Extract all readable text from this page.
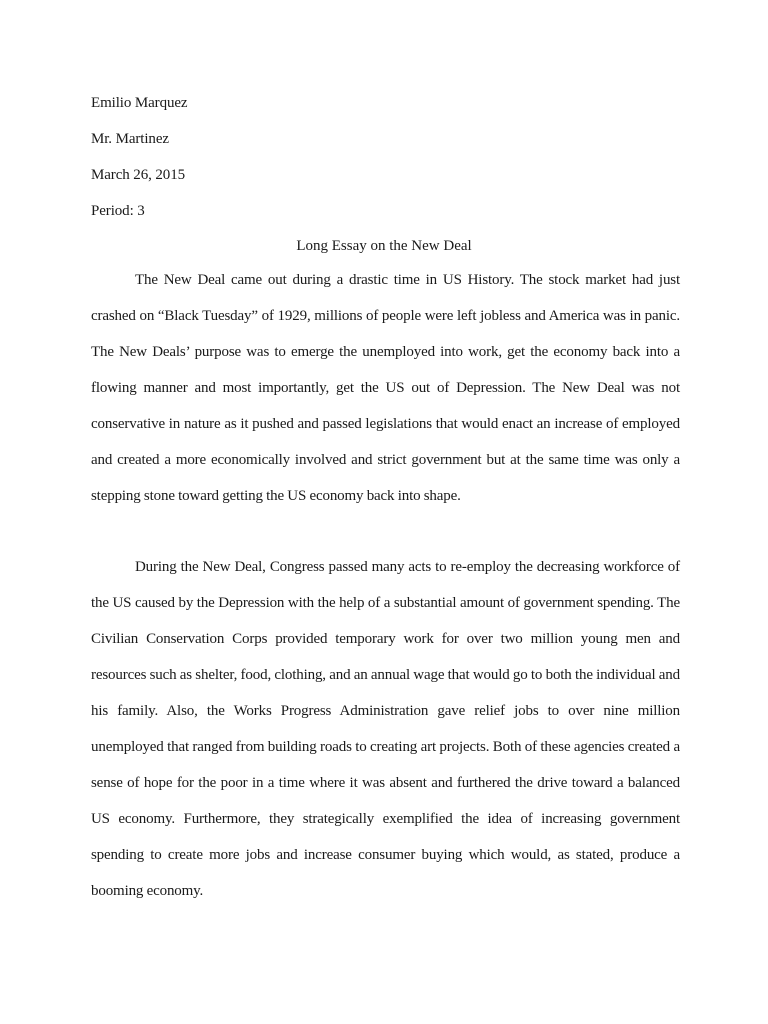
Emilio Marquez
Mr. Martinez
March 26, 2015
Period: 3
Long Essay on the New Deal

The New Deal came out during a drastic time in US History. The stock market had just crashed on “Black Tuesday” of 1929, millions of people were left jobless and America was in panic. The New Deals’ purpose was to emerge the unemployed into work, get the economy back into a flowing manner and most importantly, get the US out of Depression. The New Deal was not conservative in nature as it pushed and passed legislations that would enact an increase of employed and created a more economically involved and strict government but at the same time was only a stepping stone toward getting the US economy back into shape.

During the New Deal, Congress passed many acts to re-employ the decreasing workforce of the US caused by the Depression with the help of a substantial amount of government spending. The Civilian Conservation Corps provided temporary work for over two million young men and resources such as shelter, food, clothing, and an annual wage that would go to both the individual and his family. Also, the Works Progress Administration gave relief jobs to over nine million unemployed that ranged from building roads to creating art projects. Both of these agencies created a sense of hope for the poor in a time where it was absent and furthered the drive toward a balanced US economy. Furthermore, they strategically exemplified the idea of increasing government spending to create more jobs and increase consumer buying which would, as stated, produce a booming economy.
